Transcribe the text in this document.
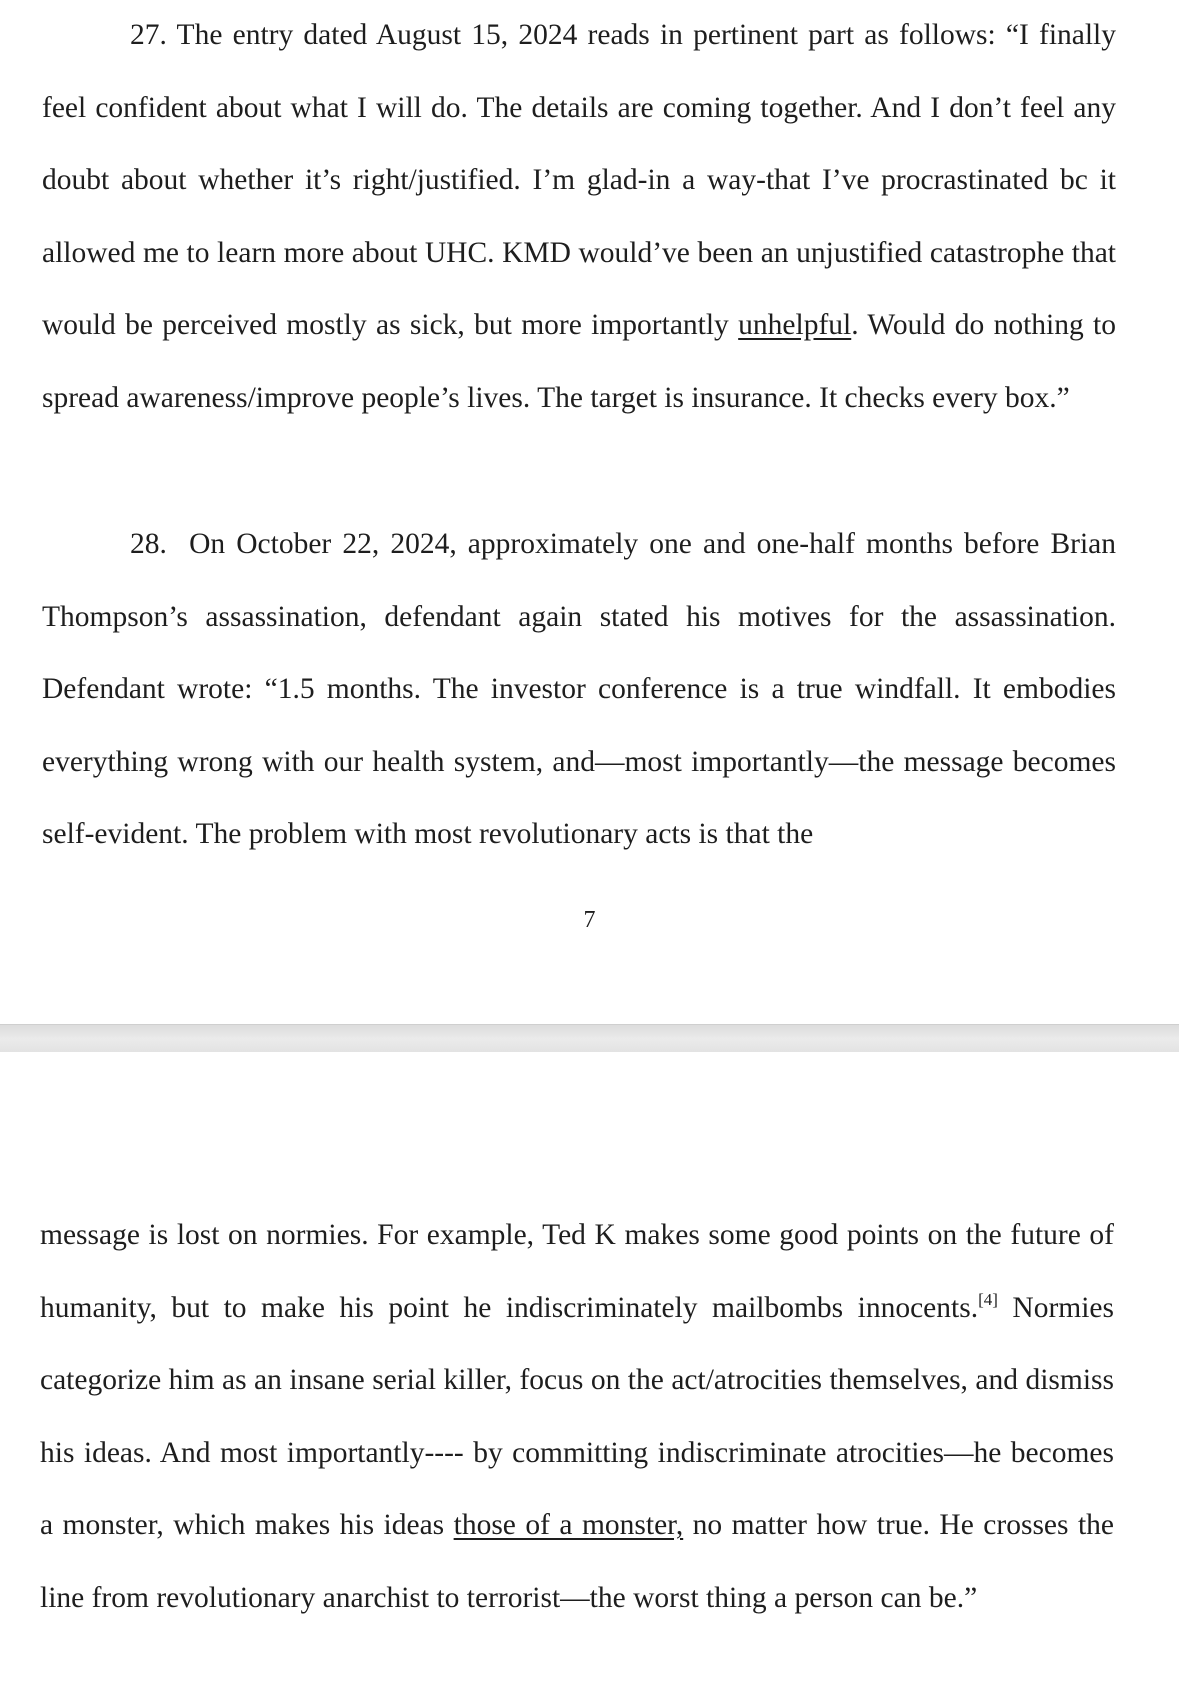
27. The entry dated August 15, 2024 reads in pertinent part as follows: “I finally feel confident about what I will do. The details are coming together. And I don’t feel any doubt about whether it’s right/justified. I’m glad-in a way-that I’ve procrastinated bc it allowed me to learn more about UHC. KMD would’ve been an unjustified catastrophe that would be perceived mostly as sick, but more importantly unhelpful. Would do nothing to spread awareness/improve people’s lives. The target is insurance. It checks every box.”

28. On October 22, 2024, approximately one and one-half months before Brian Thompson’s assassination, defendant again stated his motives for the assassination. Defendant wrote: “1.5 months. The investor conference is a true windfall. It embodies everything wrong with our health system, and—most importantly—the message becomes self-evident. The problem with most revolutionary acts is that the

7

message is lost on normies. For example, Ted K makes some good points on the future of humanity, but to make his point he indiscriminately mailbombs innocents.[4] Normies categorize him as an insane serial killer, focus on the act/atrocities themselves, and dismiss his ideas. And most importantly---- by committing indiscriminate atrocities—he becomes a monster, which makes his ideas those of a monster, no matter how true. He crosses the line from revolutionary anarchist to terrorist—the worst thing a person can be.”
